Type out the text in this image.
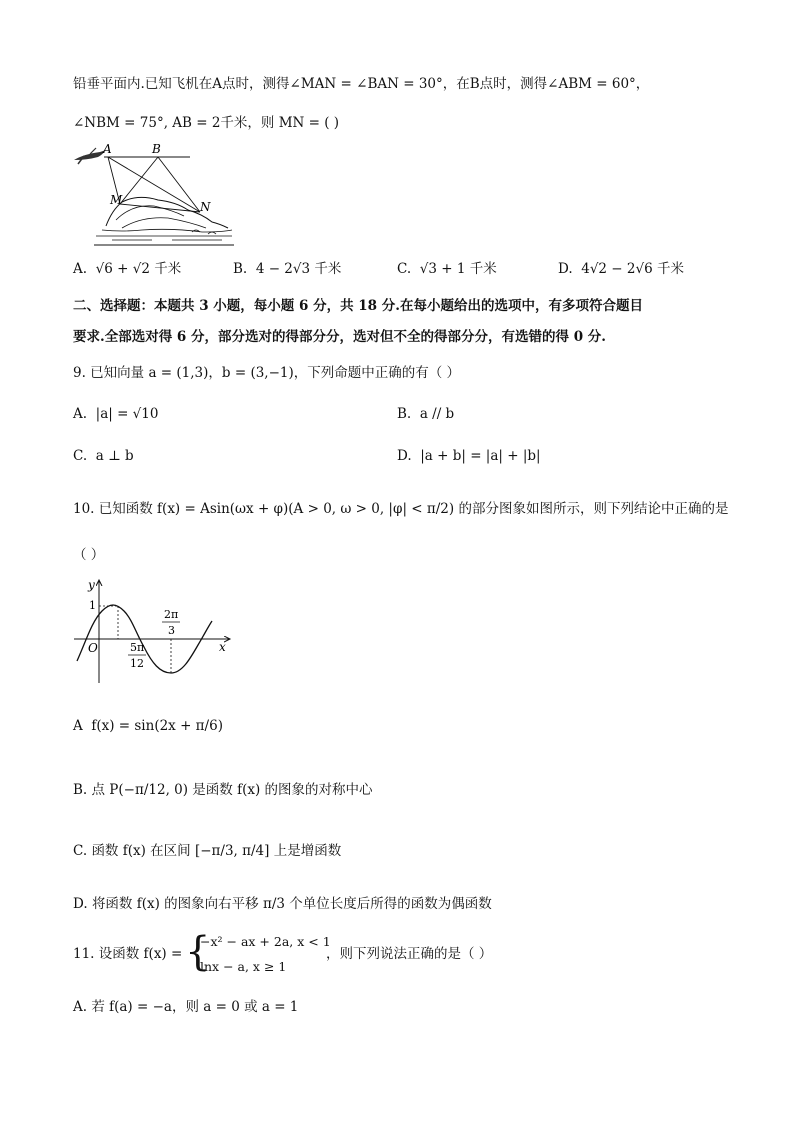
铅垂平面内.已知飞机在A点时，测得∠MAN = ∠BAN = 30°，在B点时，测得∠ABM = 60°，
∠NBM = 75°, AB = 2千米，则 MN = ( )
A	B
M	N
A. √6 + √2 千米	B. 4 − 2√3 千米	C. √3 + 1 千米	D. 4√2 − 2√6 千米
二、选择题：本题共 3 小题，每小题 6 分，共 18 分.在每小题给出的选项中，有多项符合题目
要求.全部选对得 6 分，部分选对的得部分分，选对但不全的得部分分，有选错的得 0 分.
9. 已知向量 a = (1,3)，b = (3,−1)，下列命题中正确的有（ ）
A. |a| = √10	B. a // b
C. a ⊥ b	D. |a + b| = |a| + |b|
10. 已知函数 f(x) = Asin(ωx + φ)(A > 0, ω > 0, |φ| < π/2) 的部分图象如图所示，则下列结论中正确的是
（ ）
y
x
O
1
5π
12
2π
3
A f(x) = sin(2x + π/6)
B. 点 P(−π/12, 0) 是函数 f(x) 的图象的对称中心
C. 函数 f(x) 在区间 [−π/3, π/4] 上是增函数
D. 将函数 f(x) 的图象向右平移 π/3 个单位长度后所得的函数为偶函数
11. 设函数 f(x) = {
−x² − ax + 2a, x < 1
lnx − a, x ≥ 1
，则下列说法正确的是（ ）
A. 若 f(a) = −a，则 a = 0 或 a = 1
